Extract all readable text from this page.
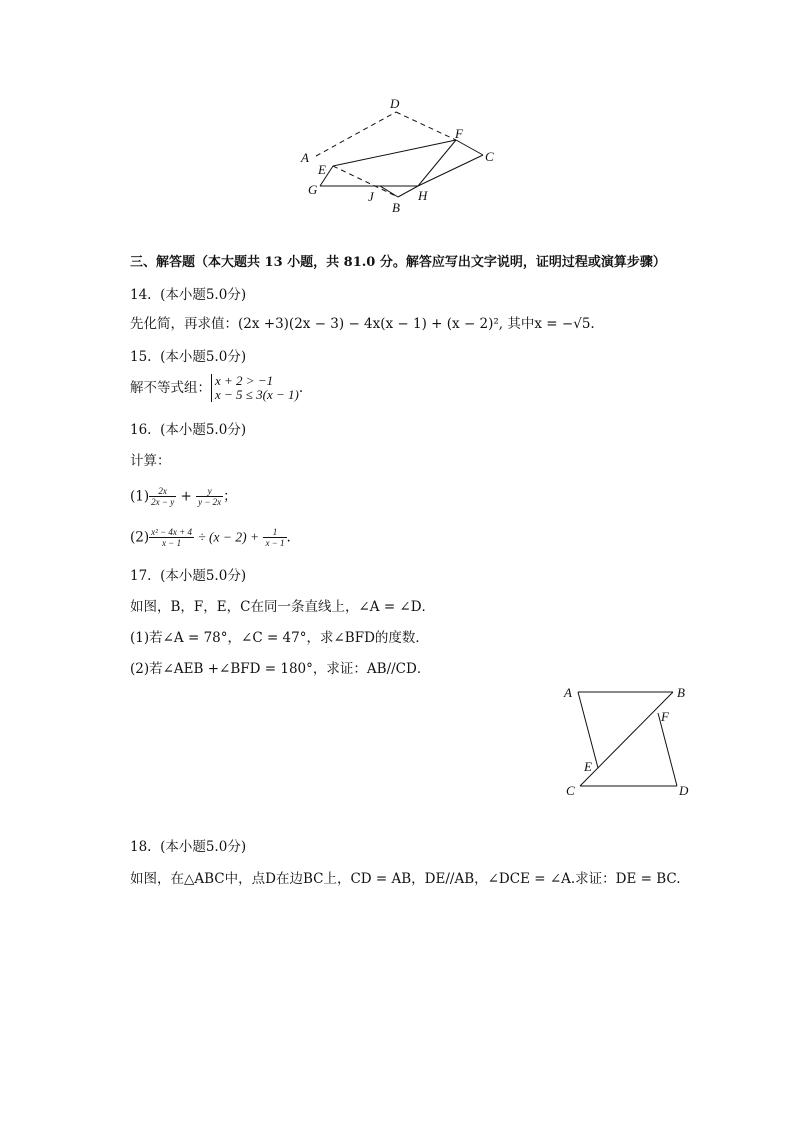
D
A
F
C
E
G	J
B
H
三、解答题（本大题共 13 小题，共 81.0 分。解答应写出文字说明，证明过程或演算步骤）
14. (本小题5.0分)
先化简，再求值：(2x +3)(2x − 3) − 4x(x − 1) + (x − 2)², 其中x = −√5.
15. (本小题5.0分)
解不等式组： x + 2 > −1
x − 5 ≤ 3(x − 1) .
16. (本小题5.0分)
计算：
$(1) \frac{2x}{2x - y} + \frac{y}{y - 2x}$ ；
$(2) \frac{\text{x² − 4x + 4}}{x - 1} \div (x - 2) + \frac{1}{x - 1}$ .
17. (本小题5.0分)
如图，B，F，E，C在同一条直线上，∠A = ∠D．
(1)若∠A = 78°，∠C = 47°，求∠BFD的度数．
(2)若∠AEB +∠BFD = 180°，求证：AB//CD．
A	B
F
E
C	D
18. (本小题5.0分)
如图，在△ABC中，点D在边BC上，CD = AB，DE//AB，∠DCE = ∠A.求证：DE = BC.
